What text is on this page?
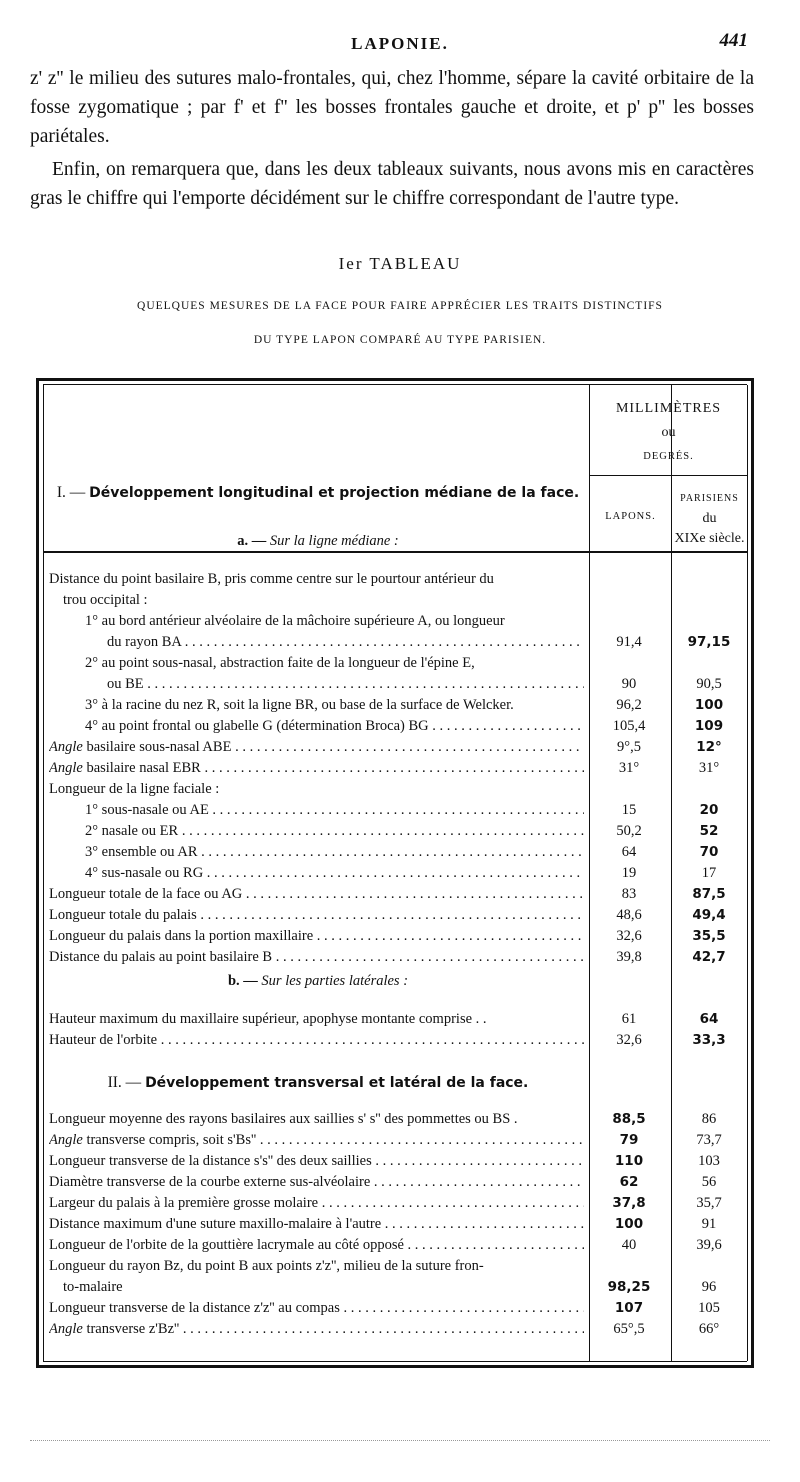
LAPONIE.	441

z' z'' le milieu des sutures malo-frontales, qui, chez l'homme, sépare la cavité orbitaire de la fosse zygomatique ; par f' et f'' les bosses frontales gauche et droite, et p' p'' les bosses pariétales.

Enfin, on remarquera que, dans les deux tableaux suivants, nous avons mis en caractères gras le chiffre qui l'emporte décidément sur le chiffre correspondant de l'autre type.

Ier TABLEAU
QUELQUES MESURES DE LA FACE POUR FAIRE APPRÉCIER LES TRAITS DISTINCTIFS
DU TYPE LAPON COMPARÉ AU TYPE PARISIEN.
MILLIMÈTRES
ou
DEGRÉS.
LAPONS.
PARISIENS
du
XIXe siècle.
I. — Développement longitudinal et projection médiane de la face.
a. — Sur la ligne médiane :
Distance du point basilaire B, pris comme centre sur le pourtour antérieur du
trou occipital :
1° au bord antérieur alvéolaire de la mâchoire supérieure A, ou longueur
du rayon BA . . .	91,4	97,15
2° au point sous-nasal, abstraction faite de la longueur de l'épine E,
ou BE . . .	90	90,5
3° à la racine du nez R, soit la ligne BR, ou base de la surface de Welcker.	96,2	100
4° au point frontal ou glabelle G (détermination Broca) BG . . .	105,4	109
Angle basilaire sous-nasal ABE . . .	9°,5	12°
Angle basilaire nasal EBR . . .	31°	31°
Longueur de la ligne faciale :
1° sous-nasale ou AE . . .	15	20
2° nasale ou ER . . .	50,2	52
3° ensemble ou AR . . .	64	70
4° sus-nasale ou RG . . .	19	17
Longueur totale de la face ou AG . . .	83	87,5
Longueur totale du palais . . .	48,6	49,4
Longueur du palais dans la portion maxillaire . . .	32,6	35,5
Distance du palais au point basilaire B . . .	39,8	42,7
b. — Sur les parties latérales :
Hauteur maximum du maxillaire supérieur, apophyse montante comprise . .	61	64
Hauteur de l'orbite . . .	32,6	33,3
II. — Développement transversal et latéral de la face.
Longueur moyenne des rayons basilaires aux saillies s' s'' des pommettes ou BS .	88,5	86
Angle transverse compris, soit s'Bs'' . . .	79	73,7
Longueur transverse de la distance s's'' des deux saillies . . .	110	103
Diamètre transverse de la courbe externe sus-alvéolaire . . .	62	56
Largeur du palais à la première grosse molaire . . .	37,8	35,7
Distance maximum d'une suture maxillo-malaire à l'autre . . .	100	91
Longueur de l'orbite de la gouttière lacrymale au côté opposé . . .	40	39,6
Longueur du rayon Bz, du point B aux points z'z'', milieu de la suture fron-
to-malaire	98,25	96
Longueur transverse de la distance z'z'' au compas . . .	107	105
Angle transverse z'Bz'' . . .	65°,5	66°
